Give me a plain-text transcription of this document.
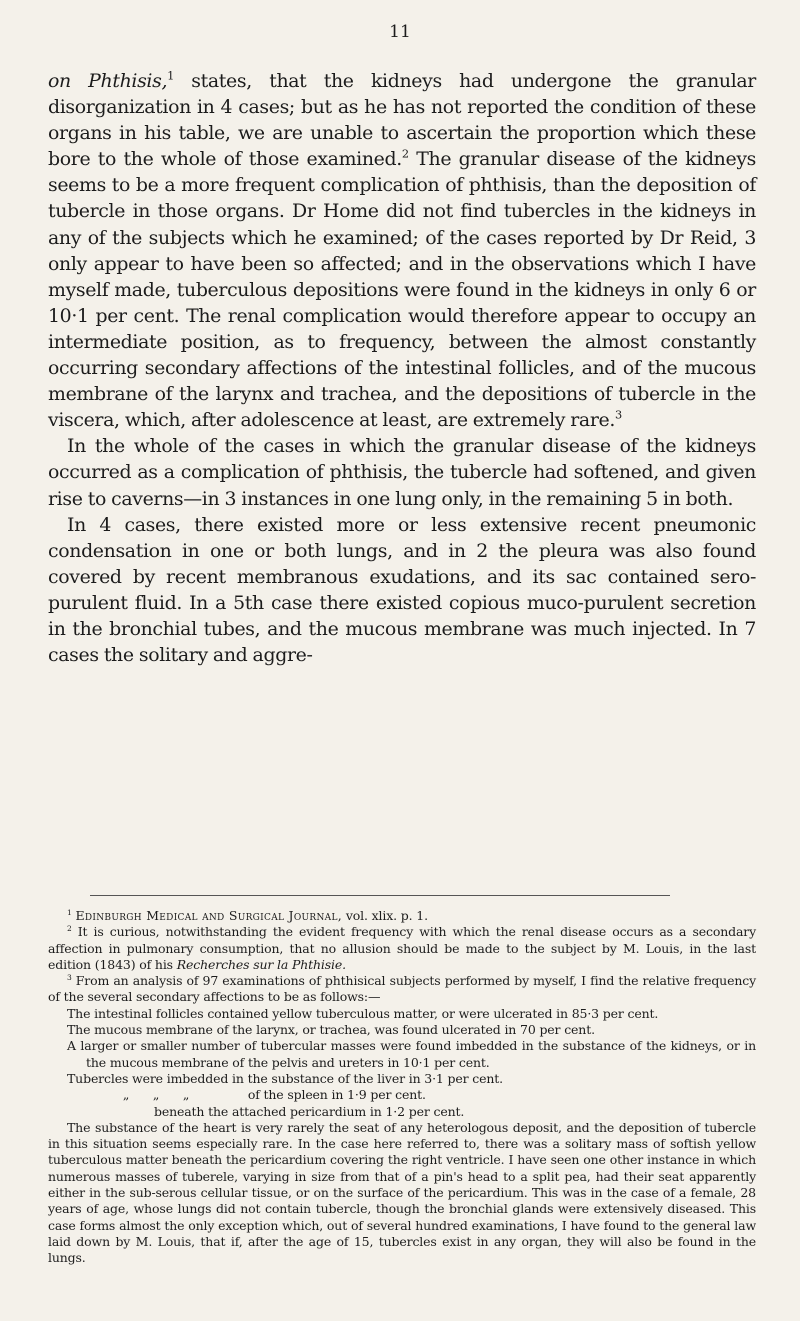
11

on Phthisis,$^1$ states, that the kidneys had undergone the granular disorganization in 4 cases; but as he has not reported the condition of these organs in his table, we are unable to ascertain the proportion which these bore to the whole of those examined.$^2$ The granular disease of the kidneys seems to be a more frequent complication of phthisis, than the deposition of tubercle in those organs. Dr Home did not find tubercles in the kidneys in any of the subjects which he examined; of the cases reported by Dr Reid, 3 only appear to have been so affected; and in the observations which I have myself made, tuberculous depositions were found in the kidneys in only 6 or 10·1 per cent. The renal complication would therefore appear to occupy an intermediate position, as to frequency, between the almost constantly occurring secondary affections of the intestinal follicles, and of the mucous membrane of the larynx and trachea, and the depositions of tubercle in the viscera, which, after adolescence at least, are extremely rare.$^3$

In the whole of the cases in which the granular disease of the kidneys occurred as a complication of phthisis, the tubercle had softened, and given rise to caverns—in 3 instances in one lung only, in the remaining 5 in both.

In 4 cases, there existed more or less extensive recent pneumonic condensation in one or both lungs, and in 2 the pleura was also found covered by recent membranous exudations, and its sac contained sero-purulent fluid. In a 5th case there existed copious muco-purulent secretion in the bronchial tubes, and the mucous membrane was much injected. In 7 cases the solitary and aggre-

$^1$ Edinburgh Medical and Surgical Journal, vol. xlix. p. 1.

$^2$ It is curious, notwithstanding the evident frequency with which the renal disease occurs as a secondary affection in pulmonary consumption, that no allusion should be made to the subject by M. Louis, in the last edition (1843) of his Recherches sur la Phthisie.

$^3$ From an analysis of 97 examinations of phthisical subjects performed by myself, I find the relative frequency of the several secondary affections to be as follows:—

The intestinal follicles contained yellow tuberculous matter, or were ulcerated in 85·3 per cent.

The mucous membrane of the larynx, or trachea, was found ulcerated in 70 per cent.

A larger or smaller number of tubercular masses were found imbedded in the substance of the kidneys, or in the mucous membrane of the pelvis and ureters in 10·1 per cent.

Tubercles were imbedded in the substance of the liver in 3·1 per cent.

„ „ „	of the spleen in 1·9 per cent.

beneath the attached pericardium in 1·2 per cent.

The substance of the heart is very rarely the seat of any heterologous deposit, and the deposition of tubercle in this situation seems especially rare. In the case here referred to, there was a solitary mass of softish yellow tuberculous matter beneath the pericardium covering the right ventricle. I have seen one other instance in which numerous masses of tuberele, varying in size from that of a pin's head to a split pea, had their seat apparently either in the sub-serous cellular tissue, or on the surface of the pericardium. This was in the case of a female, 28 years of age, whose lungs did not contain tubercle, though the bronchial glands were extensively diseased. This case forms almost the only exception which, out of several hundred examinations, I have found to the general law laid down by M. Louis, that if, after the age of 15, tubercles exist in any organ, they will also be found in the lungs.
